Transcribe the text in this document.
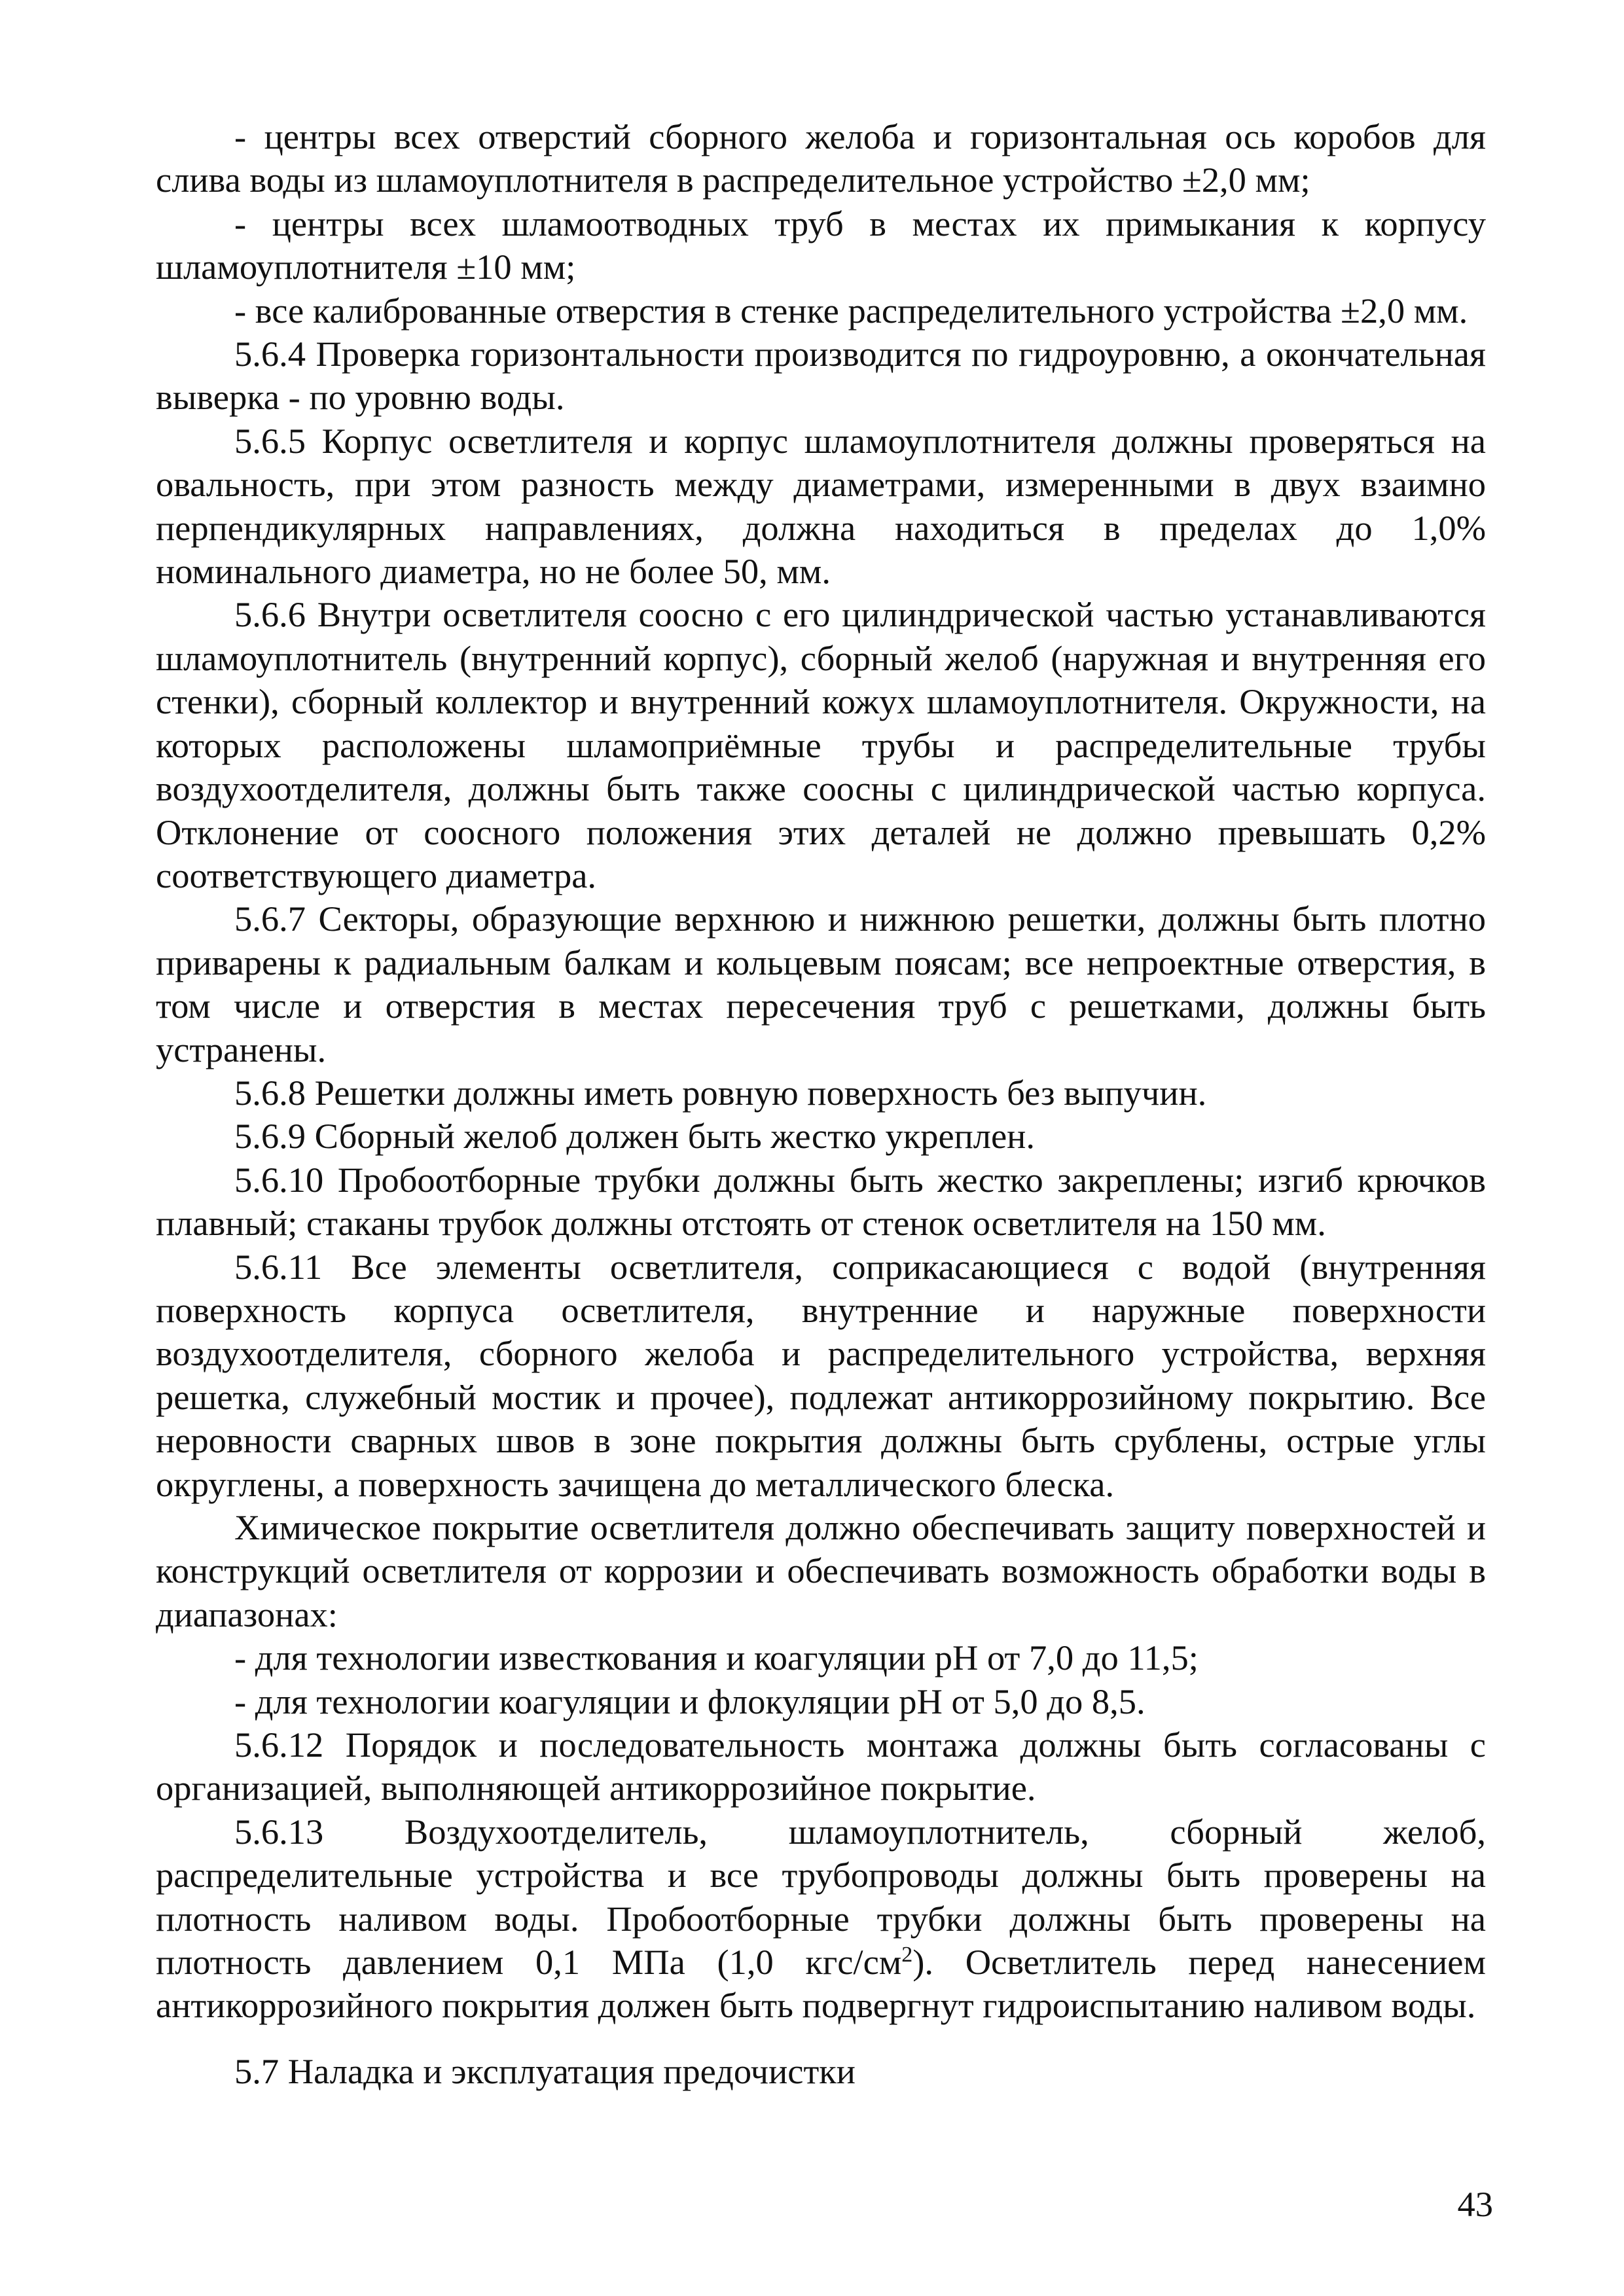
- центры всех отверстий сборного желоба и горизонтальная ось коробов для слива воды из шламоуплотнителя в распределительное устройство ±2,0 мм;

- центры всех шламоотводных труб в местах их примыкания к корпусу шламоуплотнителя ±10 мм;

- все калиброванные отверстия в стенке распределительного устройства ±2,0 мм.

5.6.4 Проверка горизонтальности производится по гидроуровню, а окончательная выверка - по уровню воды.

5.6.5 Корпус осветлителя и корпус шламоуплотнителя должны проверяться на овальность, при этом разность между диаметрами, измеренными в двух взаимно перпендикулярных направлениях, должна находиться в пределах до 1,0% номинального диаметра, но не более 50, мм.

5.6.6 Внутри осветлителя соосно с его цилиндрической частью устанавливаются шламоуплотнитель (внутренний корпус), сборный желоб (наружная и внутренняя его стенки), сборный коллектор и внутренний кожух шламоуплотнителя. Окружности, на которых расположены шламоприёмные трубы и распределительные трубы воздухоотделителя, должны быть также соосны с цилиндрической частью корпуса. Отклонение от соосного положения этих деталей не должно превышать 0,2% соответствующего диаметра.

5.6.7 Секторы, образующие верхнюю и нижнюю решетки, должны быть плотно приварены к радиальным балкам и кольцевым поясам; все непроектные отверстия, в том числе и отверстия в местах пересечения труб с решетками, должны быть устранены.

5.6.8 Решетки должны иметь ровную поверхность без выпучин.

5.6.9 Сборный желоб должен быть жестко укреплен.

5.6.10 Пробоотборные трубки должны быть жестко закреплены; изгиб крючков плавный; стаканы трубок должны отстоять от стенок осветлителя на 150 мм.

5.6.11 Все элементы осветлителя, соприкасающиеся с водой (внутренняя поверхность корпуса осветлителя, внутренние и наружные поверхности воздухоотделителя, сборного желоба и распределительного устройства, верхняя решетка, служебный мостик и прочее), подлежат антикоррозийному покрытию. Все неровности сварных швов в зоне покрытия должны быть срублены, острые углы округлены, а поверхность зачищена до металлического блеска.

Химическое покрытие осветлителя должно обеспечивать защиту поверхностей и конструкций осветлителя от коррозии и обеспечивать возможность обработки воды в диапазонах:

- для технологии известкования и коагуляции pH от 7,0 до 11,5;

- для технологии коагуляции и флокуляции pH от 5,0 до 8,5.

5.6.12 Порядок и последовательность монтажа должны быть согласованы с организацией, выполняющей антикоррозийное покрытие.

5.6.13 Воздухоотделитель, шламоуплотнитель, сборный желоб, распределительные устройства и все трубопроводы должны быть проверены на плотность наливом воды. Пробоотборные трубки должны быть проверены на плотность давлением 0,1 МПа (1,0 кгс/$см^2$). Осветлитель перед нанесением антикоррозийного покрытия должен быть подвергнут гидроиспытанию наливом воды.

5.7 Наладка и эксплуатация предочистки

43
